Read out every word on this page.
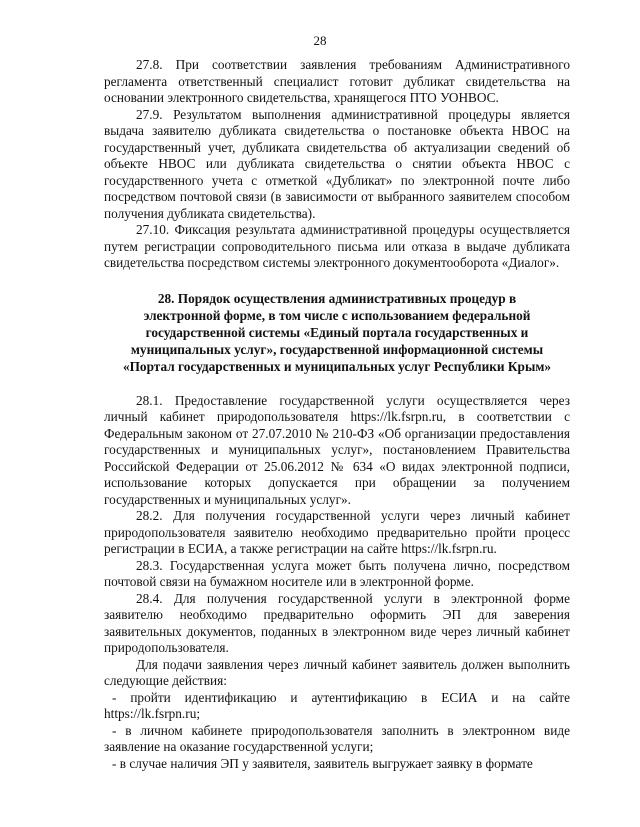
28

27.8. При соответствии заявления требованиям Административного регламента ответственный специалист готовит дубликат свидетельства на основании электронного свидетельства, хранящегося ПТО УОНВОС.

27.9. Результатом выполнения административной процедуры является выдача заявителю дубликата свидетельства о постановке объекта НВОС на государственный учет, дубликата свидетельства об актуализации сведений об объекте НВОС или дубликата свидетельства о снятии объекта НВОС с государственного учета с отметкой «Дубликат» по электронной почте либо посредством почтовой связи (в зависимости от выбранного заявителем способом получения дубликата свидетельства).

27.10. Фиксация результата административной процедуры осуществляется путем регистрации сопроводительного письма или отказа в выдаче дубликата свидетельства посредством системы электронного документооборота «Диалог».

28. Порядок осуществления административных процедур в
электронной форме, в том числе с использованием федеральной
государственной системы «Единый портала государственных и
муниципальных услуг», государственной информационной системы
«Портал государственных и муниципальных услуг Республики Крым»

28.1. Предоставление государственной услуги осуществляется через личный кабинет природопользователя https://lk.fsrpn.ru, в соответствии с Федеральным законом от 27.07.2010 № 210-ФЗ «Об организации предоставления государственных и муниципальных услуг», постановлением Правительства Российской Федерации от 25.06.2012 № 634 «О видах электронной подписи, использование которых допускается при обращении за получением государственных и муниципальных услуг».

28.2. Для получения государственной услуги через личный кабинет природопользователя заявителю необходимо предварительно пройти процесс регистрации в ЕСИА, а также регистрации на сайте https://lk.fsrpn.ru.

28.3. Государственная услуга может быть получена лично, посредством почтовой связи на бумажном носителе или в электронной форме.

28.4. Для получения государственной услуги в электронной форме заявителю необходимо предварительно оформить ЭП для заверения заявительных документов, поданных в электронном виде через личный кабинет природопользователя.

Для подачи заявления через личный кабинет заявитель должен выполнить следующие действия:

- пройти идентификацию и аутентификацию в ЕСИА и на сайте https://lk.fsrpn.ru;

- в личном кабинете природопользователя заполнить в электронном виде заявление на оказание государственной услуги;

- в случае наличия ЭП у заявителя, заявитель выгружает заявку в формате
